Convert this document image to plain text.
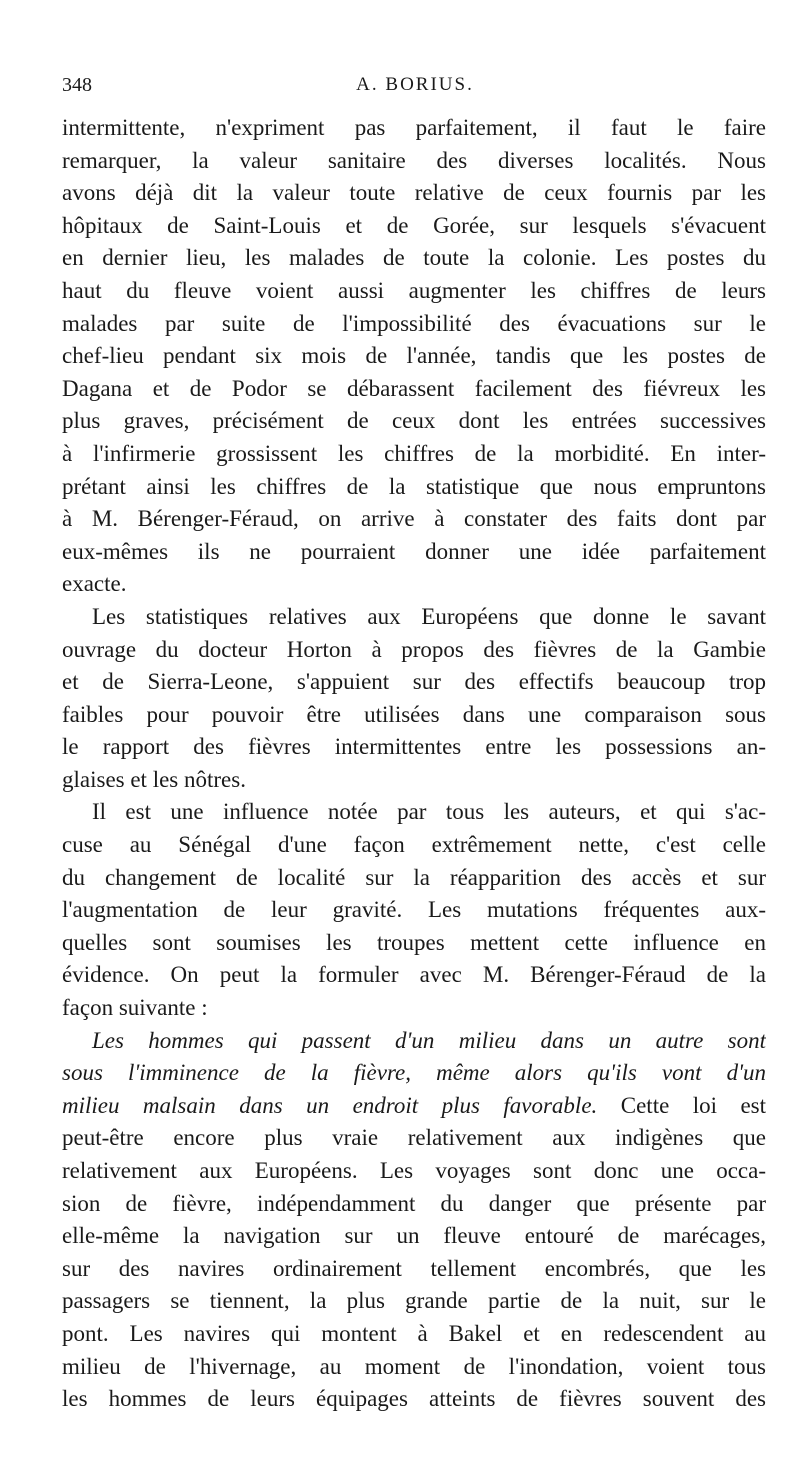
348	A. BORIUS.
intermittente, n'expriment pas parfaitement, il faut le faire
remarquer, la valeur sanitaire des diverses localités. Nous
avons déjà dit la valeur toute relative de ceux fournis par les
hôpitaux de Saint-Louis et de Gorée, sur lesquels s'évacuent
en dernier lieu, les malades de toute la colonie. Les postes du
haut du fleuve voient aussi augmenter les chiffres de leurs
malades par suite de l'impossibilité des évacuations sur le
chef-lieu pendant six mois de l'année, tandis que les postes de
Dagana et de Podor se débarassent facilement des fiévreux les
plus graves, précisément de ceux dont les entrées successives
à l'infirmerie grossissent les chiffres de la morbidité. En inter-
prétant ainsi les chiffres de la statistique que nous empruntons
à M. Bérenger-Féraud, on arrive à constater des faits dont par
eux-mêmes ils ne pourraient donner une idée parfaitement
exacte.
Les statistiques relatives aux Européens que donne le savant
ouvrage du docteur Horton à propos des fièvres de la Gambie
et de Sierra-Leone, s'appuient sur des effectifs beaucoup trop
faibles pour pouvoir être utilisées dans une comparaison sous
le rapport des fièvres intermittentes entre les possessions an-
glaises et les nôtres.
Il est une influence notée par tous les auteurs, et qui s'ac-
cuse au Sénégal d'une façon extrêmement nette, c'est celle
du changement de localité sur la réapparition des accès et sur
l'augmentation de leur gravité. Les mutations fréquentes aux-
quelles sont soumises les troupes mettent cette influence en
évidence. On peut la formuler avec M. Bérenger-Féraud de la
façon suivante :
Les hommes qui passent d'un milieu dans un autre sont
sous l'imminence de la fièvre, même alors qu'ils vont d'un
milieu malsain dans un endroit plus favorable. Cette loi est
peut-être encore plus vraie relativement aux indigènes que
relativement aux Européens. Les voyages sont donc une occa-
sion de fièvre, indépendamment du danger que présente par
elle-même la navigation sur un fleuve entouré de marécages,
sur des navires ordinairement tellement encombrés, que les
passagers se tiennent, la plus grande partie de la nuit, sur le
pont. Les navires qui montent à Bakel et en redescendent au
milieu de l'hivernage, au moment de l'inondation, voient tous
les hommes de leurs équipages atteints de fièvres souvent des
